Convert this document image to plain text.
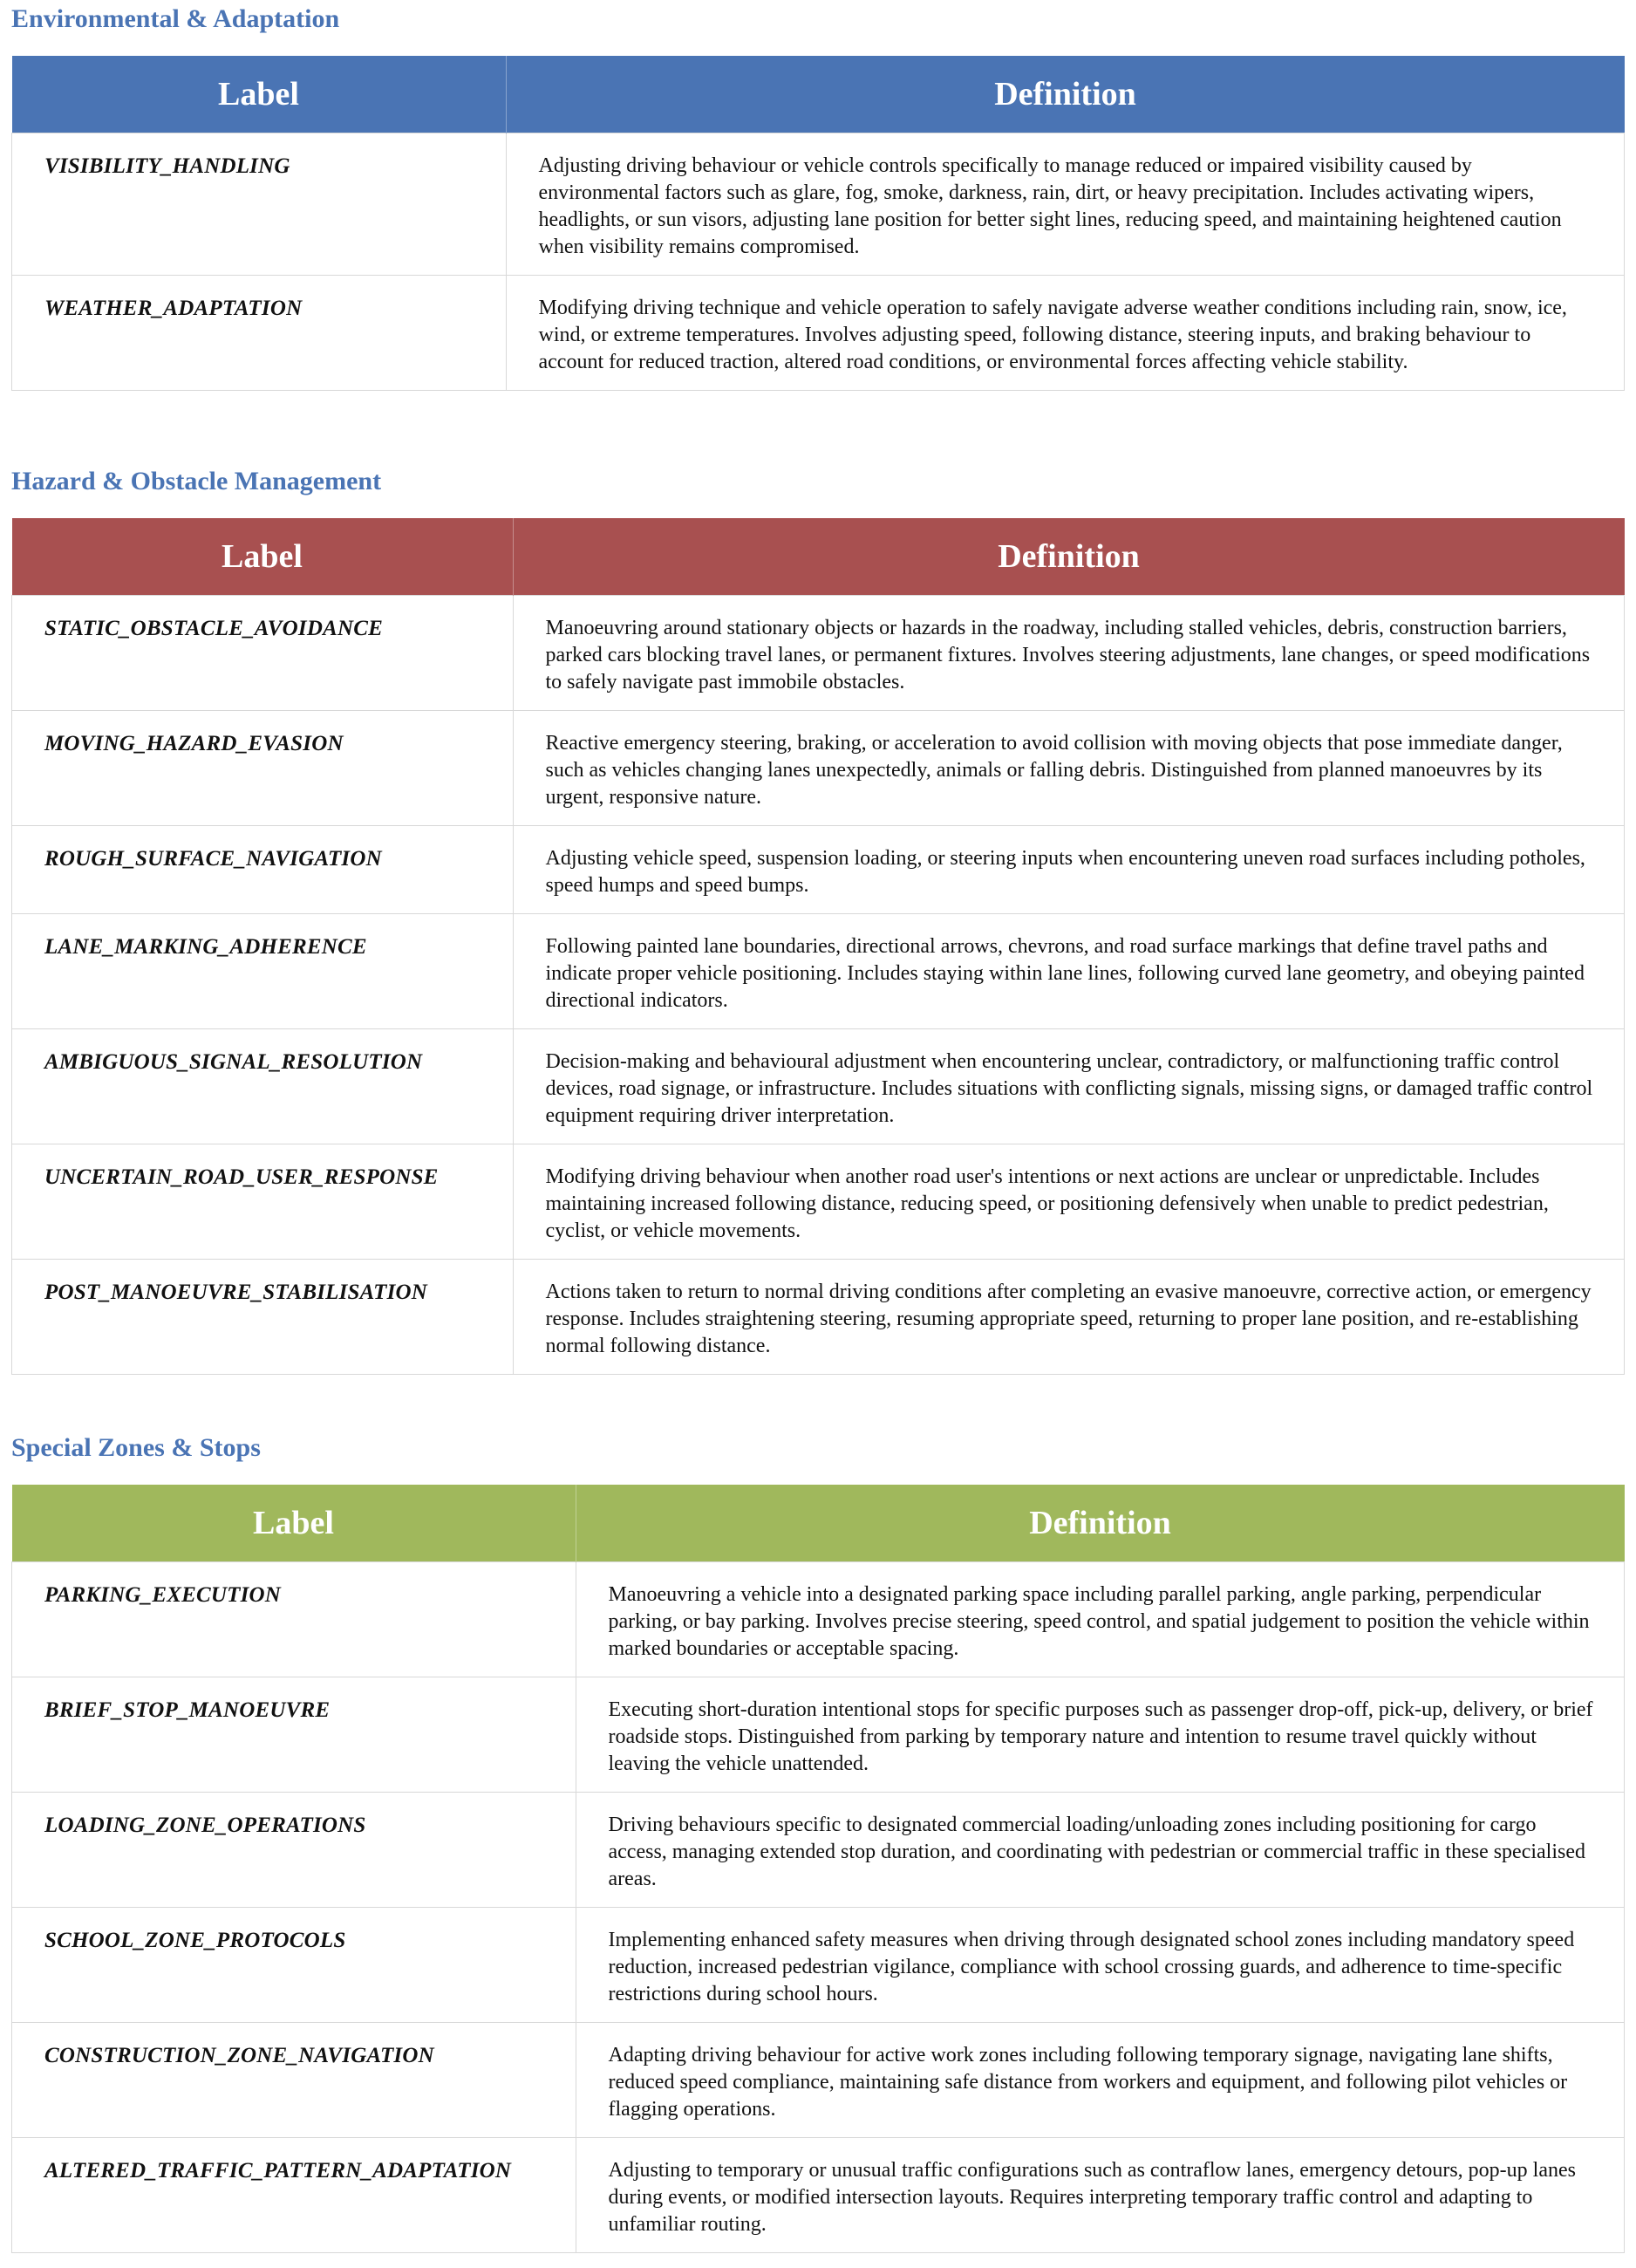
Environmental & Adaptation
Label	Definition
VISIBILITY_HANDLING	Adjusting driving behaviour or vehicle controls specifically to manage reduced or impaired visibility caused by environmental factors such as glare, fog, smoke, darkness, rain, dirt, or heavy precipitation. Includes activating wipers, headlights, or sun visors, adjusting lane position for better sight lines, reducing speed, and maintaining heightened caution when visibility remains compromised.
WEATHER_ADAPTATION	Modifying driving technique and vehicle operation to safely navigate adverse weather conditions including rain, snow, ice, wind, or extreme temperatures. Involves adjusting speed, following distance, steering inputs, and braking behaviour to account for reduced traction, altered road conditions, or environmental forces affecting vehicle stability.
Hazard & Obstacle Management
Label	Definition
STATIC_OBSTACLE_AVOIDANCE	Manoeuvring around stationary objects or hazards in the roadway, including stalled vehicles, debris, construction barriers, parked cars blocking travel lanes, or permanent fixtures. Involves steering adjustments, lane changes, or speed modifications to safely navigate past immobile obstacles.
MOVING_HAZARD_EVASION	Reactive emergency steering, braking, or acceleration to avoid collision with moving objects that pose immediate danger, such as vehicles changing lanes unexpectedly, animals or falling debris. Distinguished from planned manoeuvres by its urgent, responsive nature.
ROUGH_SURFACE_NAVIGATION	Adjusting vehicle speed, suspension loading, or steering inputs when encountering uneven road surfaces including potholes, speed humps and speed bumps.
LANE_MARKING_ADHERENCE	Following painted lane boundaries, directional arrows, chevrons, and road surface markings that define travel paths and indicate proper vehicle positioning. Includes staying within lane lines, following curved lane geometry, and obeying painted directional indicators.
AMBIGUOUS_SIGNAL_RESOLUTION	Decision-making and behavioural adjustment when encountering unclear, contradictory, or malfunctioning traffic control devices, road signage, or infrastructure. Includes situations with conflicting signals, missing signs, or damaged traffic control equipment requiring driver interpretation.
UNCERTAIN_ROAD_USER_RESPONSE	Modifying driving behaviour when another road user's intentions or next actions are unclear or unpredictable. Includes maintaining increased following distance, reducing speed, or positioning defensively when unable to predict pedestrian, cyclist, or vehicle movements.
POST_MANOEUVRE_STABILISATION	Actions taken to return to normal driving conditions after completing an evasive manoeuvre, corrective action, or emergency response. Includes straightening steering, resuming appropriate speed, returning to proper lane position, and re-establishing normal following distance.
Special Zones & Stops
Label	Definition
PARKING_EXECUTION	Manoeuvring a vehicle into a designated parking space including parallel parking, angle parking, perpendicular parking, or bay parking. Involves precise steering, speed control, and spatial judgement to position the vehicle within marked boundaries or acceptable spacing.
BRIEF_STOP_MANOEUVRE	Executing short-duration intentional stops for specific purposes such as passenger drop-off, pick-up, delivery, or brief roadside stops. Distinguished from parking by temporary nature and intention to resume travel quickly without leaving the vehicle unattended.
LOADING_ZONE_OPERATIONS	Driving behaviours specific to designated commercial loading/unloading zones including positioning for cargo access, managing extended stop duration, and coordinating with pedestrian or commercial traffic in these specialised areas.
SCHOOL_ZONE_PROTOCOLS	Implementing enhanced safety measures when driving through designated school zones including mandatory speed reduction, increased pedestrian vigilance, compliance with school crossing guards, and adherence to time-specific restrictions during school hours.
CONSTRUCTION_ZONE_NAVIGATION	Adapting driving behaviour for active work zones including following temporary signage, navigating lane shifts, reduced speed compliance, maintaining safe distance from workers and equipment, and following pilot vehicles or flagging operations.
ALTERED_TRAFFIC_PATTERN_ADAPTATION	Adjusting to temporary or unusual traffic configurations such as contraflow lanes, emergency detours, pop-up lanes during events, or modified intersection layouts. Requires interpreting temporary traffic control and adapting to unfamiliar routing.
